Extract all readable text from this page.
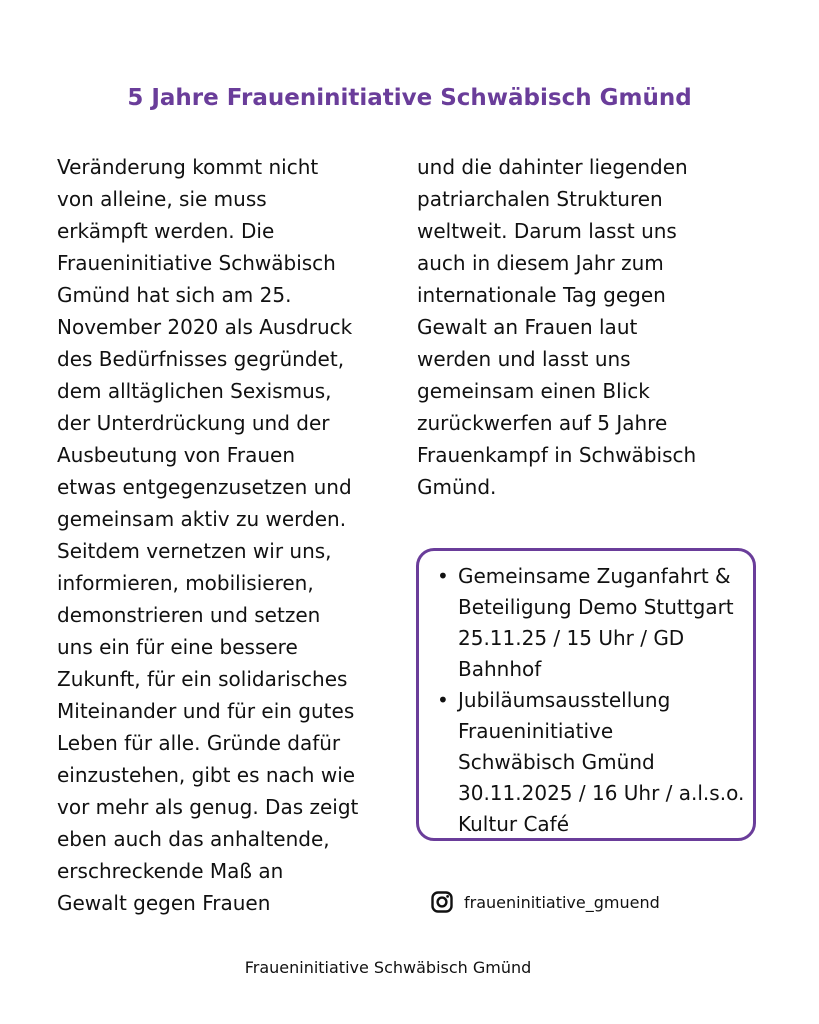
5 Jahre Fraueninitiative Schwäbisch Gmünd
Veränderung kommt nicht
von alleine, sie muss
erkämpft werden. Die
Fraueninitiative Schwäbisch
Gmünd hat sich am 25.
November 2020 als Ausdruck
des Bedürfnisses gegründet,
dem alltäglichen Sexismus,
der Unterdrückung und der
Ausbeutung von Frauen
etwas entgegenzusetzen und
gemeinsam aktiv zu werden.
Seitdem vernetzen wir uns,
informieren, mobilisieren,
demonstrieren und setzen
uns ein für eine bessere
Zukunft, für ein solidarisches
Miteinander und für ein gutes
Leben für alle. Gründe dafür
einzustehen, gibt es nach wie
vor mehr als genug. Das zeigt
eben auch das anhaltende,
erschreckende Maß an
Gewalt gegen Frauen
und die dahinter liegenden
patriarchalen Strukturen
weltweit. Darum lasst uns
auch in diesem Jahr zum
internationale Tag gegen
Gewalt an Frauen laut
werden und lasst uns
gemeinsam einen Blick
zurückwerfen auf 5 Jahre
Frauenkampf in Schwäbisch
Gmünd.
• Gemeinsame Zuganfahrt &
Beteiligung Demo Stuttgart
25.11.25 / 15 Uhr / GD
Bahnhof
• Jubiläumsausstellung
Fraueninitiative
Schwäbisch Gmünd
30.11.2025 / 16 Uhr / a.l.s.o.
Kultur Café
fraueninitiative_gmuend

Fraueninitiative Schwäbisch Gmünd
